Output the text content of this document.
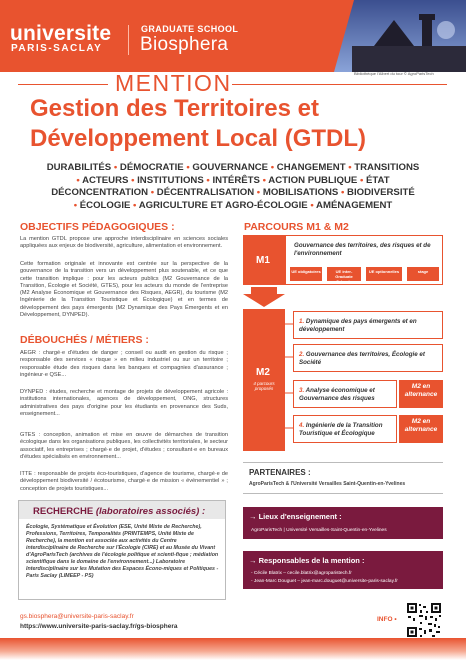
universite
PARIS-SACLAY
GRADUATE SCHOOL
Biosphera
Bibliothèque l'Albert du tour © AgroParisTech
MENTION
Gestion des Territoires et
Développement Local (GTDL)
DURABILITÉS • DÉMOCRATIE • GOUVERNANCE • CHANGEMENT • TRANSITIONS
• ACTEURS • INSTITUTIONS • INTÉRÊTS • ACTION PUBLIQUE • ÉTAT
DÉCONCENTRATION • DÉCENTRALISATION • MOBILISATIONS • BIODIVERSITÉ
• ÉCOLOGIE • AGRICULTURE ET AGRO-ÉCOLOGIE • AMÉNAGEMENT
OBJECTIFS PÉDAGOGIQUES :
La mention GTDL propose une approche interdisciplinaire en sciences sociales appliquées aux enjeux de biodiversité, agriculture, alimentation et environnement.
Cette formation originale et innovante est centrée sur la perspective de la gouvernance de la transition vers un développement plus soutenable, et ce que cette transition implique : pour les acteurs publics (M2 Gouvernance de la Transition, Écologie et Société, GTES), pour les acteurs du monde de l'entreprise (M2 Analyse Économique et Gouvernance des Risques, AEGR), du tourisme (M2 Ingénierie de la Transition Touristique et Écologique) et en termes de développement des pays émergents (M2 Dynamique des Pays Émergents et en Développement, DYNPED).
DÉBOUCHÉS / MÉTIERS :
AEGR : chargé·e d'études de danger ; conseil ou audit en gestion du risque ; responsable des services « risque » en milieu industriel ou sur un territoire ; responsable étude des risques dans les banques et compagnies d'assurance ; ingénieur·e QSE...
DYNPED : études, recherche et montage de projets de développement agricole : institutions internationales, agences de développement, ONG, structures administratives des pays d'origine pour les étudiants en provenance des Suds, enseignement...
GTES : conception, animation et mise en œuvre de démarches de transition écologique dans les organisations publiques, les collectivités territoriales, le secteur associatif, les entreprises ; chargé·e de projet, d'études ; consultant·e en bureaux d'études spécialisés en environnement...
ITTE : responsable de projets éco-touristiques, d'agence de tourisme, chargé·e de développement biodiversité / écotourisme, chargé·e de mission « événementiel » ; conception de projets touristiques...
RECHERCHE (laboratoires associés) :
Écologie, Systématique et Évolution (ESE, Unité Mixte de Recherche), Professions, Territoires, Temporalités (PRINTEMPS, Unité Mixte de Recherche), la mention est associée aux activités du Centre interdisciplinaire de Recherche sur l'Écologie (CIRE) et au Musée du Vivant d'AgroParisTech (archives de l'écologie politique et scienti-fique ; médiation scientifique dans le domaine de l'environnement...) Laboratoire Interdisciplinaire sur les Mutation des Espaces Écono-miques et Politiques - Paris Saclay (LIMEEP - PS)
PARCOURS M1 & M2
M1
Gouvernance des territoires, des risques et de l'environnement
UE obligatoires	UE inter-Graduate Schools
UE optionnelles	stage
M2
4 parcours proposés
1. Dynamique des pays émergents et en développement
2. Gouvernance des territoires, Écologie et Société
3. Analyse économique et Gouvernance des risques
M2 en alternance
4. Ingénierie de la Transition Touristique et Écologique
M2 en alternance
PARTENAIRES :
AgroParisTech & l'Université Versailles Saint-Quentin-en-Yvelines
→ Lieux d'enseignement :
AgroParisTech | Université Versailles-Saint-Quentin-en-Yvelines
→ Responsables de la mention :
- Cécile Blatrix – cecile.blatrix@agroparistech.fr
- Jean-Marc Douguet – jean-marc.douguet@universite-paris-saclay.fr
gs.biosphera@universite-paris-saclay.fr
https://www.universite-paris-saclay.fr/gs-biosphera
INFO •
